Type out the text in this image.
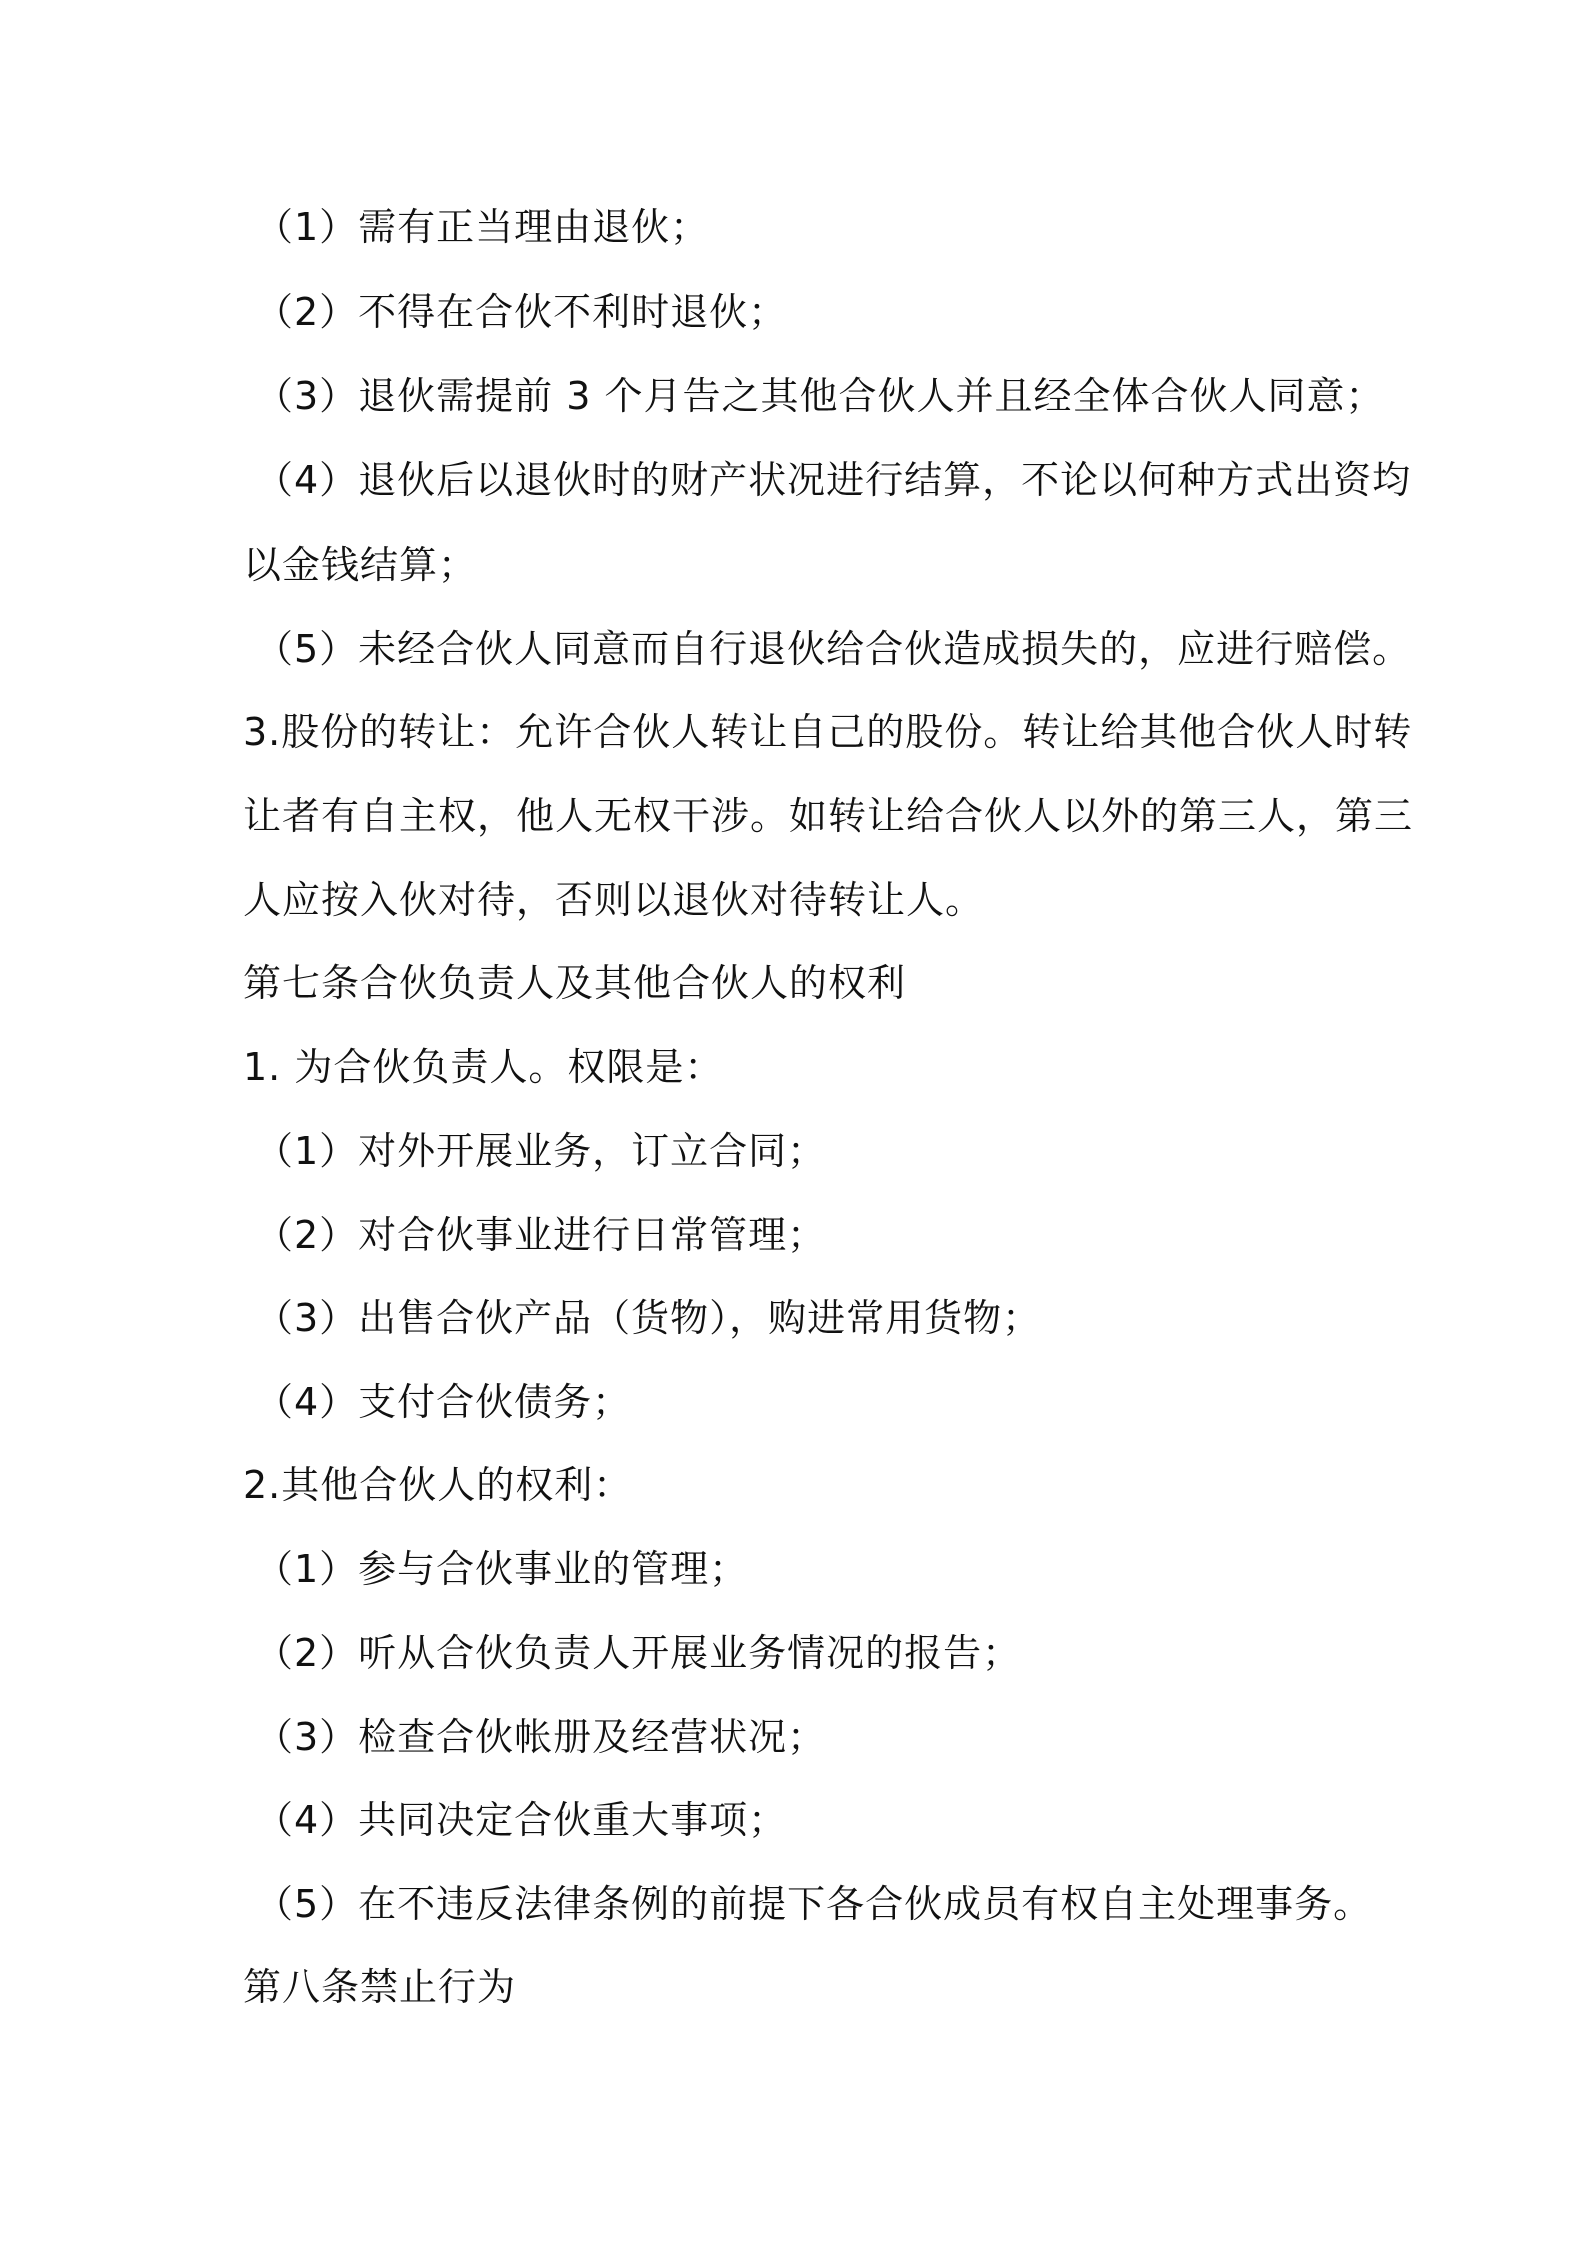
（1）需有正当理由退伙；
（2）不得在合伙不利时退伙；
（3）退伙需提前 3 个月告之其他合伙人并且经全体合伙人同意；
（4）退伙后以退伙时的财产状况进行结算，不论以何种方式出资均
以金钱结算；
（5）未经合伙人同意而自行退伙给合伙造成损失的，应进行赔偿。
3.股份的转让：允许合伙人转让自己的股份。转让给其他合伙人时转
让者有自主权，他人无权干涉。如转让给合伙人以外的第三人，第三
人应按入伙对待，否则以退伙对待转让人。
第七条合伙负责人及其他合伙人的权利
1. 为合伙负责人。权限是：
（1）对外开展业务，订立合同；
（2）对合伙事业进行日常管理；
（3）出售合伙产品（货物），购进常用货物；
（4）支付合伙债务；
2.其他合伙人的权利：
（1）参与合伙事业的管理；
（2）听从合伙负责人开展业务情况的报告；
（3）检查合伙帐册及经营状况；
（4）共同决定合伙重大事项；
（5）在不违反法律条例的前提下各合伙成员有权自主处理事务。
第八条禁止行为
